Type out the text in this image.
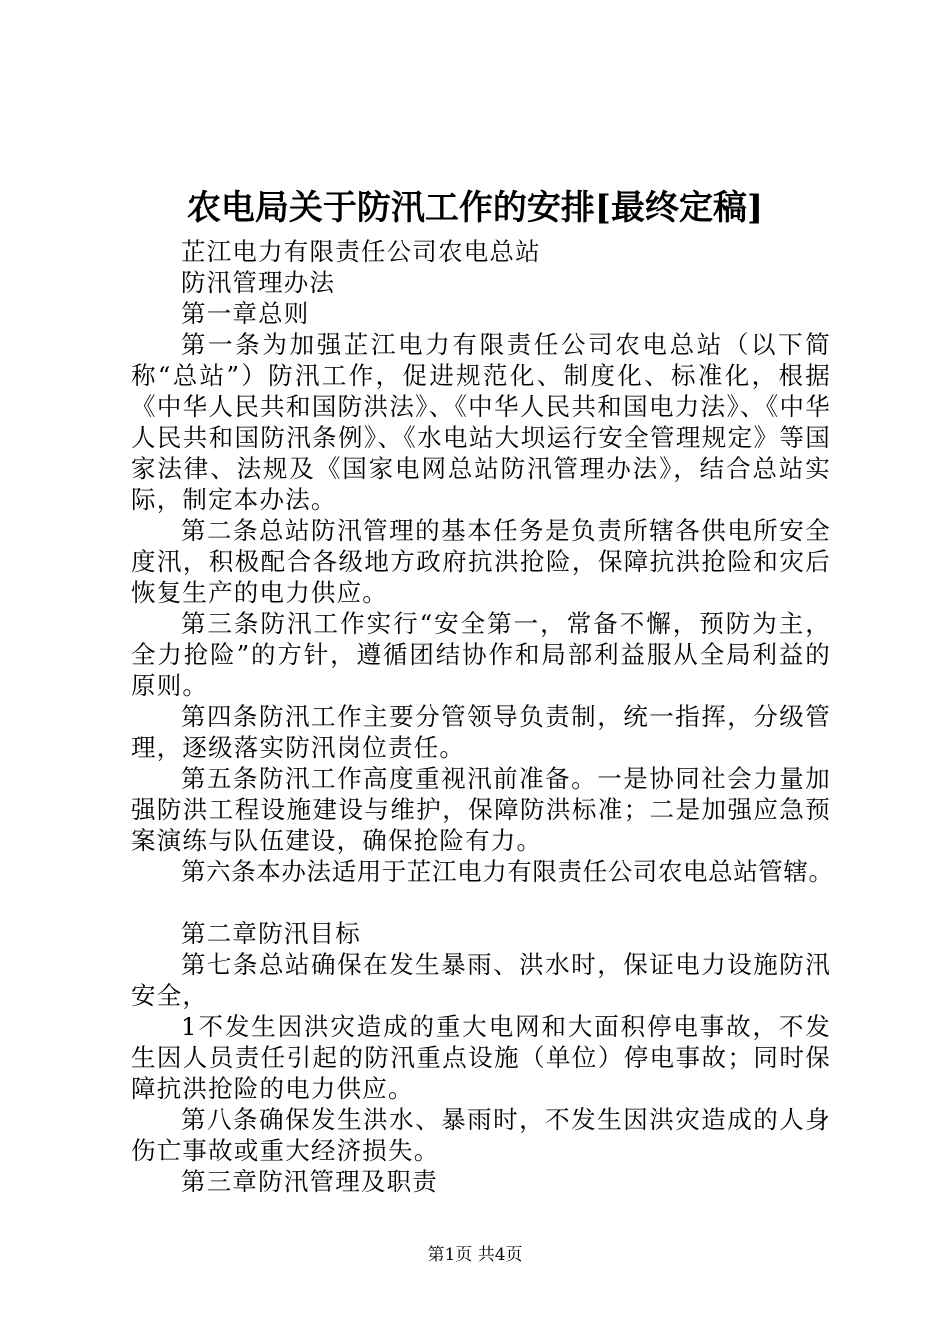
农电局关于防汛工作的安排[最终定稿]

芷江电力有限责任公司农电总站

防汛管理办法

第一章总则

第一条为加强芷江电力有限责任公司农电总站（以下简称“总站”）防汛工作，促进规范化、制度化、标准化，根据《中华人民共和国防洪法》、《中华人民共和国电力法》、《中华人民共和国防汛条例》、《水电站大坝运行安全管理规定》等国家法律、法规及《国家电网总站防汛管理办法》，结合总站实际，制定本办法。

第二条总站防汛管理的基本任务是负责所辖各供电所安全度汛，积极配合各级地方政府抗洪抢险，保障抗洪抢险和灾后恢复生产的电力供应。

第三条防汛工作实行“安全第一，常备不懈，预防为主，全力抢险”的方针，遵循团结协作和局部利益服从全局利益的原则。

第四条防汛工作主要分管领导负责制，统一指挥，分级管理，逐级落实防汛岗位责任。

第五条防汛工作高度重视汛前准备。一是协同社会力量加强防洪工程设施建设与维护，保障防洪标准；二是加强应急预案演练与队伍建设，确保抢险有力。

第六条本办法适用于芷江电力有限责任公司农电总站管辖。

第二章防汛目标

第七条总站确保在发生暴雨、洪水时，保证电力设施防汛安全，

1不发生因洪灾造成的重大电网和大面积停电事故，不发生因人员责任引起的防汛重点设施（单位）停电事故；同时保障抗洪抢险的电力供应。

第八条确保发生洪水、暴雨时，不发生因洪灾造成的人身伤亡事故或重大经济损失。

第三章防汛管理及职责

第1页 共4页
